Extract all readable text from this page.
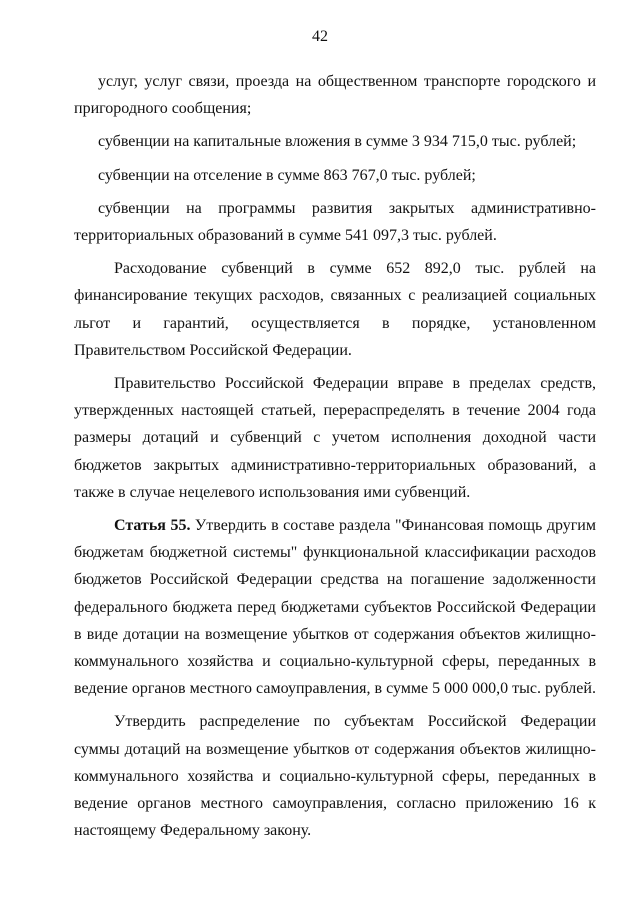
42

услуг, услуг связи, проезда на общественном транспорте городского и пригородного сообщения;

субвенции на капитальные вложения в сумме 3 934 715,0 тыс. рублей;

субвенции на отселение в сумме 863 767,0 тыс. рублей;

субвенции на программы развития закрытых административно-территориальных образований в сумме 541 097,3 тыс. рублей.

Расходование субвенций в сумме 652 892,0 тыс. рублей на финансирование текущих расходов, связанных с реализацией социальных льгот и гарантий, осуществляется в порядке, установленном Правительством Российской Федерации.

Правительство Российской Федерации вправе в пределах средств, утвержденных настоящей статьей, перераспределять в течение 2004 года размеры дотаций и субвенций с учетом исполнения доходной части бюджетов закрытых административно-территориальных образований, а также в случае нецелевого использования ими субвенций.

Статья 55. Утвердить в составе раздела "Финансовая помощь другим бюджетам бюджетной системы" функциональной классификации расходов бюджетов Российской Федерации средства на погашение задолженности федерального бюджета перед бюджетами субъектов Российской Федерации в виде дотации на возмещение убытков от содержания объектов жилищно-коммунального хозяйства и социально-культурной сферы, переданных в ведение органов местного самоуправления, в сумме 5 000 000,0 тыс. рублей.

Утвердить распределение по субъектам Российской Федерации суммы дотаций на возмещение убытков от содержания объектов жилищно-коммунального хозяйства и социально-культурной сферы, переданных в ведение органов местного самоуправления, согласно приложению 16 к настоящему Федеральному закону.
